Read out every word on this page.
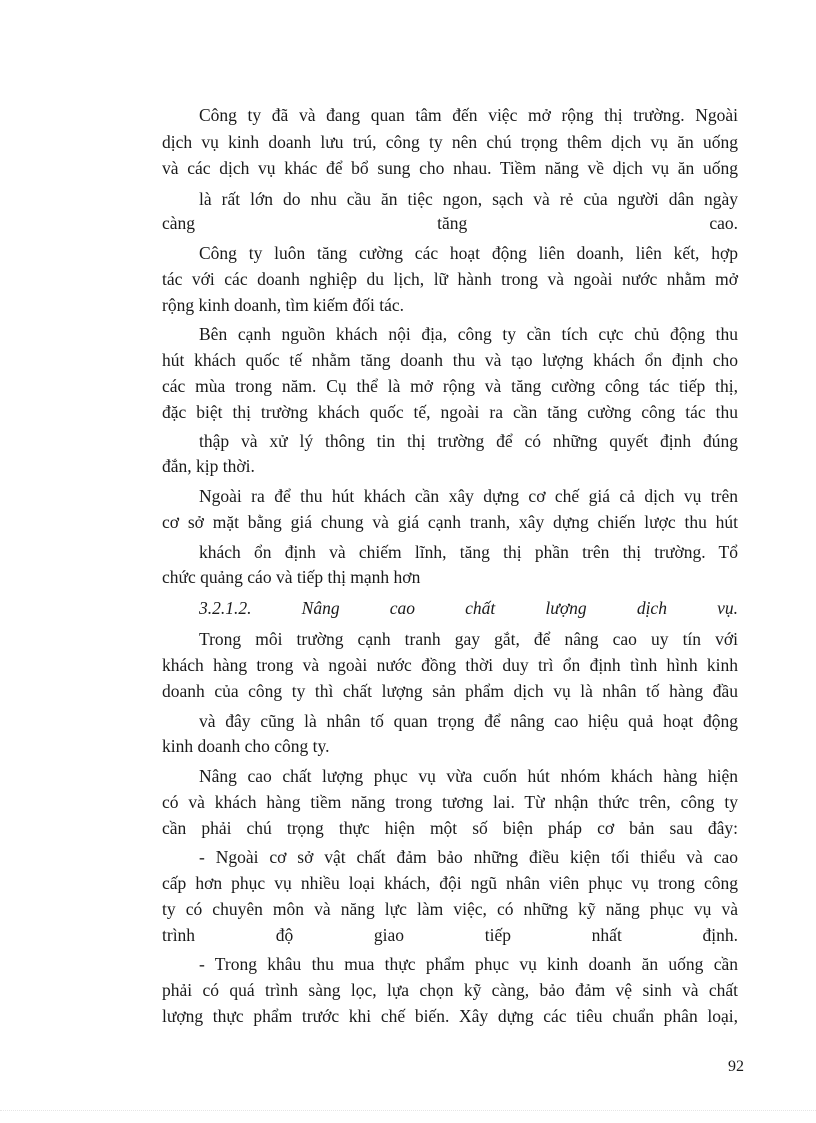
Công ty đã và đang quan tâm đến việc mở rộng thị trường. Ngoài
dịch vụ kinh doanh lưu trú, công ty nên chú trọng thêm dịch vụ ăn uống
và các dịch vụ khác để bổ sung cho nhau. Tiềm năng về dịch vụ ăn uống
là rất lớn do nhu cầu ăn tiệc ngon, sạch và rẻ của người dân ngày
càng tăng cao.
Công ty luôn tăng cường các hoạt động liên doanh, liên kết, hợp
tác với các doanh nghiệp du lịch, lữ hành trong và ngoài nước nhằm mở
rộng kinh doanh, tìm kiếm đối tác.
Bên cạnh nguồn khách nội địa, công ty cần tích cực chủ động thu
hút khách quốc tế nhằm tăng doanh thu và tạo lượng khách ổn định cho
các mùa trong năm. Cụ thể là mở rộng và tăng cường công tác tiếp thị,
đặc biệt thị trường khách quốc tế, ngoài ra cần tăng cường công tác thu
thập và xử lý thông tin thị trường để có những quyết định đúng
đắn, kịp thời.
Ngoài ra để thu hút khách cần xây dựng cơ chế giá cả dịch vụ trên
cơ sở mặt bằng giá chung và giá cạnh tranh, xây dựng chiến lược thu hút
khách ổn định và chiếm lĩnh, tăng thị phần trên thị trường. Tổ
chức quảng cáo và tiếp thị mạnh hơn
3.2.1.2. Nâng cao chất lượng dịch vụ.
Trong môi trường cạnh tranh gay gắt, để nâng cao uy tín với
khách hàng trong và ngoài nước đồng thời duy trì ổn định tình hình kinh
doanh của công ty thì chất lượng sản phẩm dịch vụ là nhân tố hàng đầu
và đây cũng là nhân tố quan trọng để nâng cao hiệu quả hoạt động
kinh doanh cho công ty.
Nâng cao chất lượng phục vụ vừa cuốn hút nhóm khách hàng hiện
có và khách hàng tiềm năng trong tương lai. Từ nhận thức trên, công ty
cần phải chú trọng thực hiện một số biện pháp cơ bản sau đây:
- Ngoài cơ sở vật chất đảm bảo những điều kiện tối thiểu và cao
cấp hơn phục vụ nhiều loại khách, đội ngũ nhân viên phục vụ trong công
ty có chuyên môn và năng lực làm việc, có những kỹ năng phục vụ và
trình độ giao tiếp nhất định.
- Trong khâu thu mua thực phẩm phục vụ kinh doanh ăn uống cần
phải có quá trình sàng lọc, lựa chọn kỹ càng, bảo đảm vệ sinh và chất
lượng thực phẩm trước khi chế biến. Xây dựng các tiêu chuẩn phân loại,
92
